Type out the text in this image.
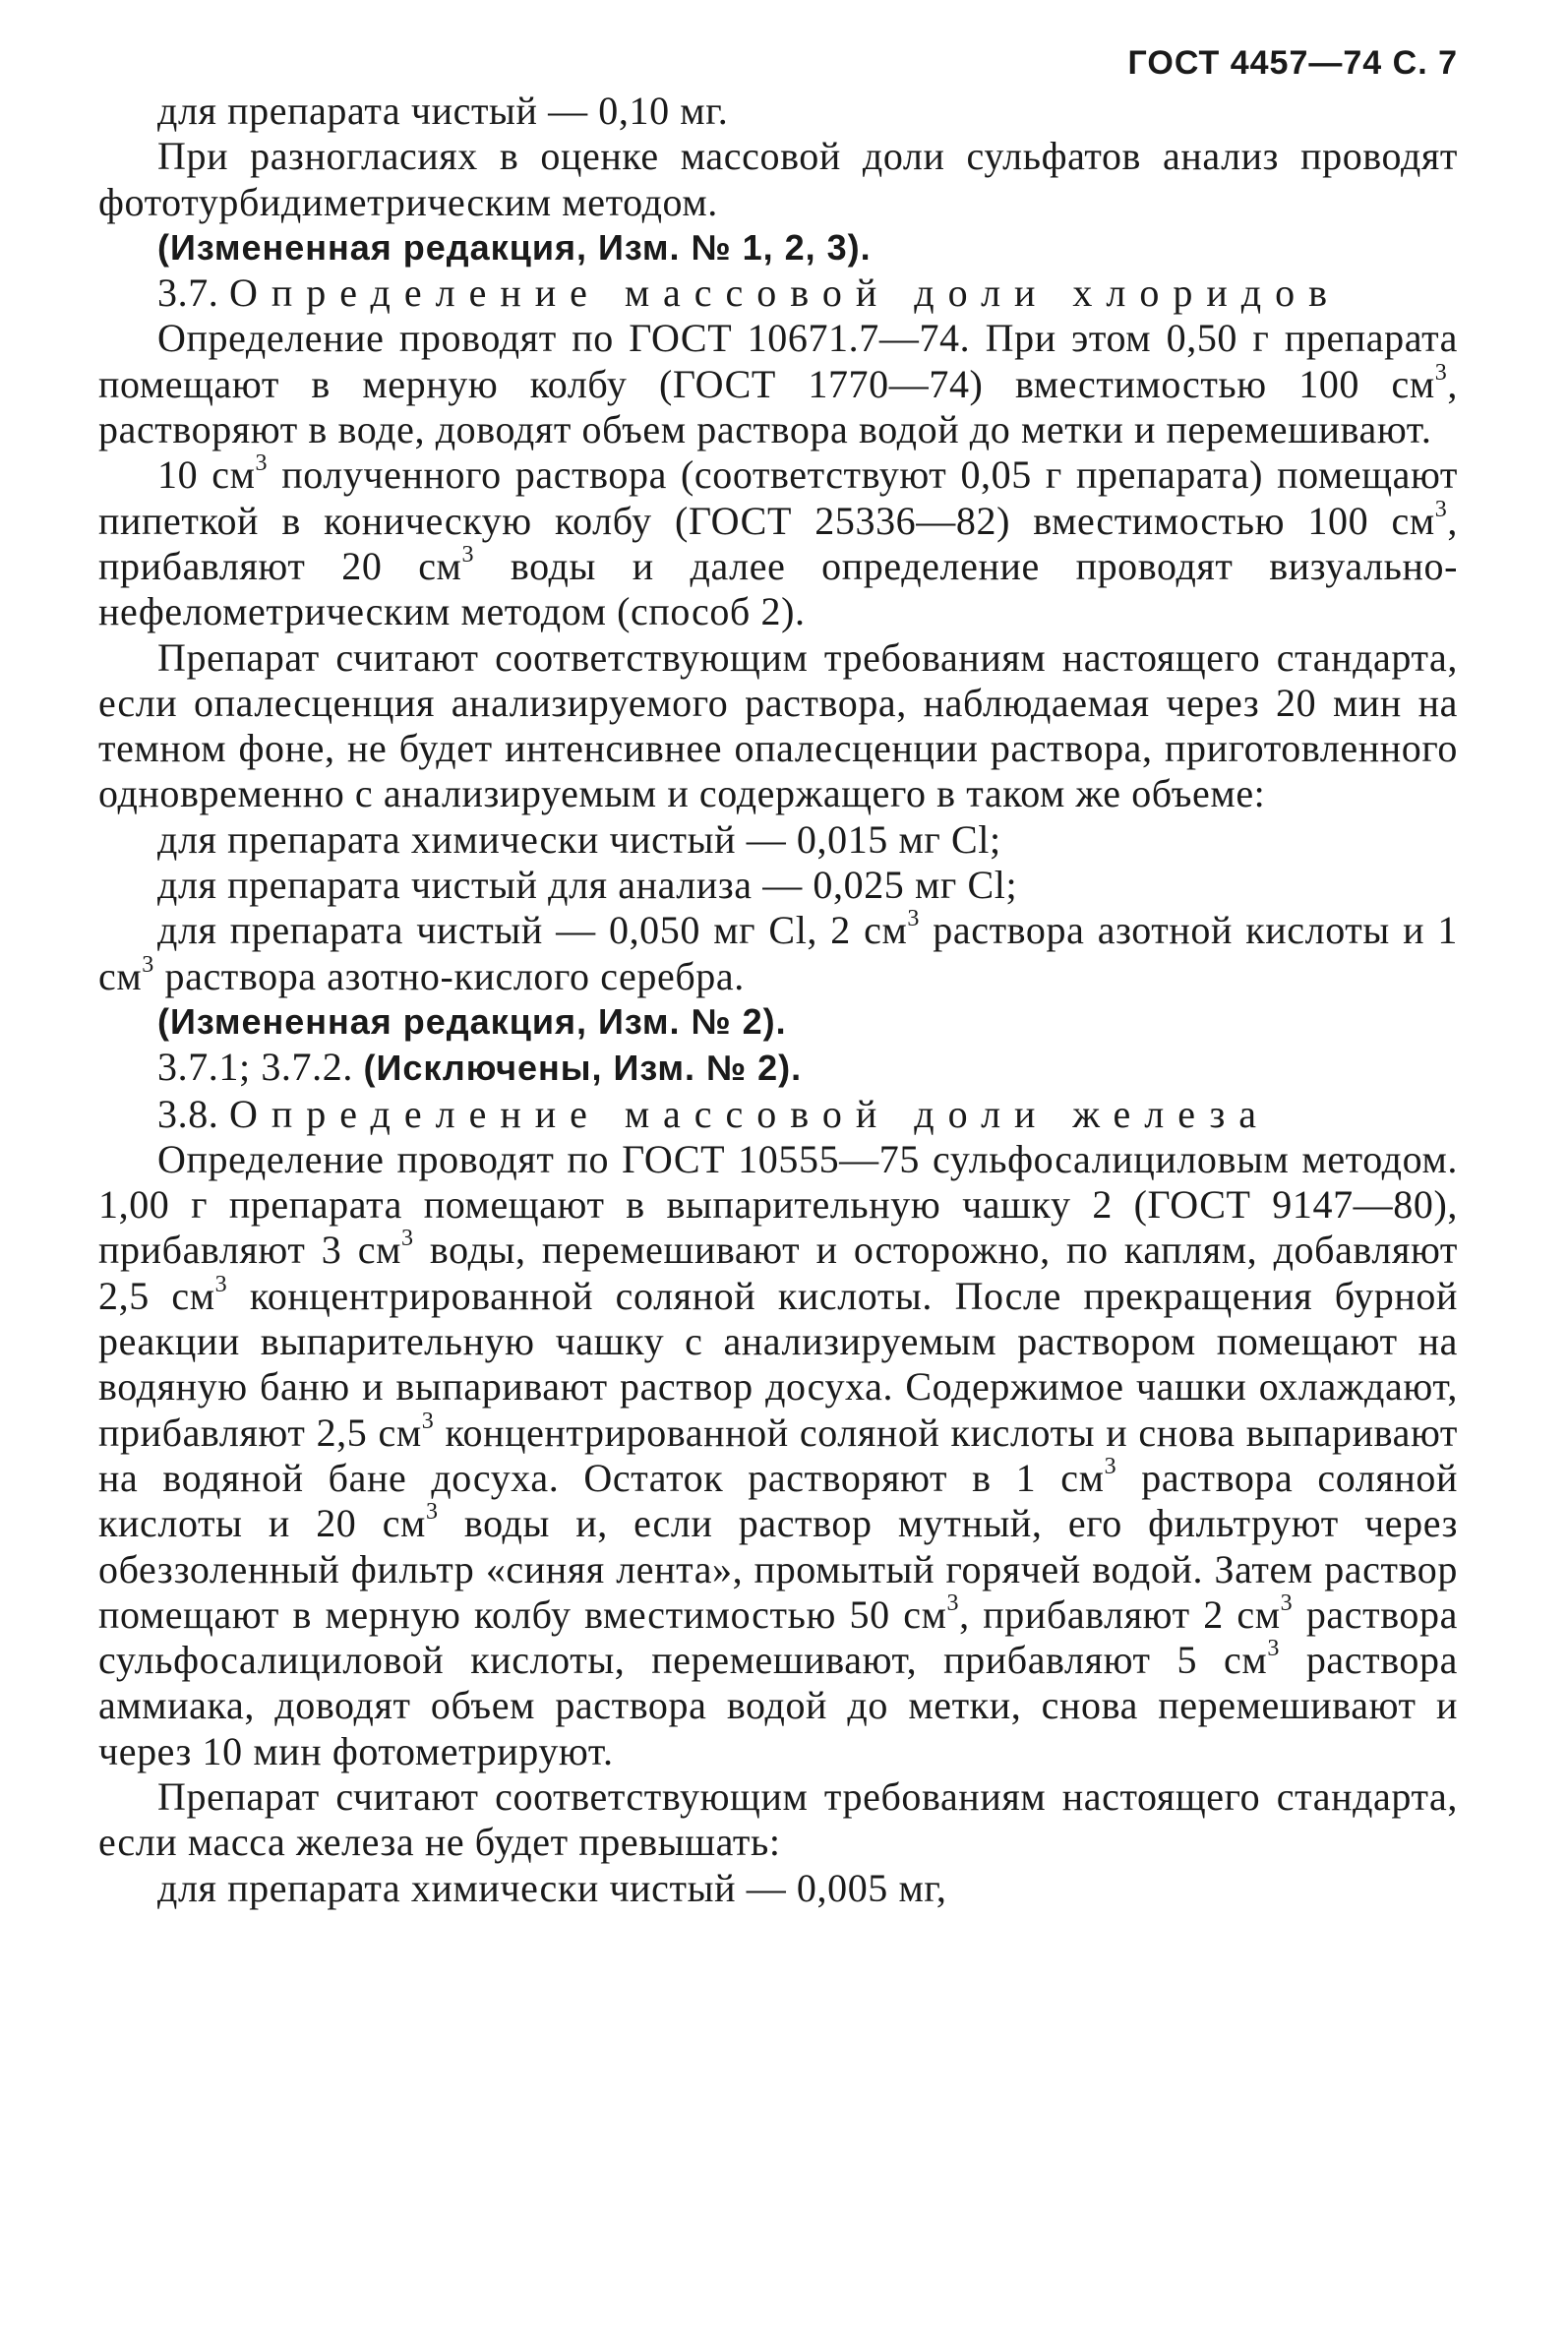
ГОСТ 4457—74 С. 7

для препарата чистый — 0,10 мг.

При разногласиях в оценке массовой доли сульфатов анализ проводят фототурбидиметрическим методом.

(Измененная редакция, Изм. № 1, 2, 3).

3.7. Определение массовой доли хлоридов

Определение проводят по ГОСТ 10671.7—74. При этом 0,50 г препарата помещают в мерную колбу (ГОСТ 1770—74) вместимостью 100 $см^3$, растворяют в воде, доводят объем раствора водой до метки и перемешивают.

10 $см^3$ полученного раствора (соответствуют 0,05 г препарата) помещают пипеткой в коническую колбу (ГОСТ 25336—82) вместимостью 100 $см^3$, прибавляют 20 $см^3$ воды и далее определение проводят визуально-нефелометрическим методом (способ 2).

Препарат считают соответствующим требованиям настоящего стандарта, если опалесценция анализируемого раствора, наблюдаемая через 20 мин на темном фоне, не будет интенсивнее опалесценции раствора, приготовленного одновременно с анализируемым и содержащего в таком же объеме:

для препарата химически чистый — 0,015 мг Cl;

для препарата чистый для анализа — 0,025 мг Cl;

для препарата чистый — 0,050 мг Cl, 2 $см^3$ раствора азотной кислоты и 1 $см^3$ раствора азотно-кислого серебра.

(Измененная редакция, Изм. № 2).

3.7.1; 3.7.2. (Исключены, Изм. № 2).

3.8. Определение массовой доли железа

Определение проводят по ГОСТ 10555—75 сульфосалициловым методом. 1,00 г препарата помещают в выпарительную чашку 2 (ГОСТ 9147—80), прибавляют 3 $см^3$ воды, перемешивают и осторожно, по каплям, добавляют 2,5 $см^3$ концентрированной соляной кислоты. После прекращения бурной реакции выпарительную чашку с анализируемым раствором помещают на водяную баню и выпаривают раствор досуха. Содержимое чашки охлаждают, прибавляют 2,5 $см^3$ концентрированной соляной кислоты и снова выпаривают на водяной бане досуха. Остаток растворяют в 1 $см^3$ раствора соляной кислоты и 20 $см^3$ воды и, если раствор мутный, его фильтруют через обеззоленный фильтр «синяя лента», промытый горячей водой. Затем раствор помещают в мерную колбу вместимостью 50 $см^3$, прибавляют 2 $см^3$ раствора сульфосалициловой кислоты, перемешивают, прибавляют 5 $см^3$ раствора аммиака, доводят объем раствора водой до метки, снова перемешивают и через 10 мин фотометрируют.

Препарат считают соответствующим требованиям настоящего стандарта, если масса железа не будет превышать:

для препарата химически чистый — 0,005 мг,
